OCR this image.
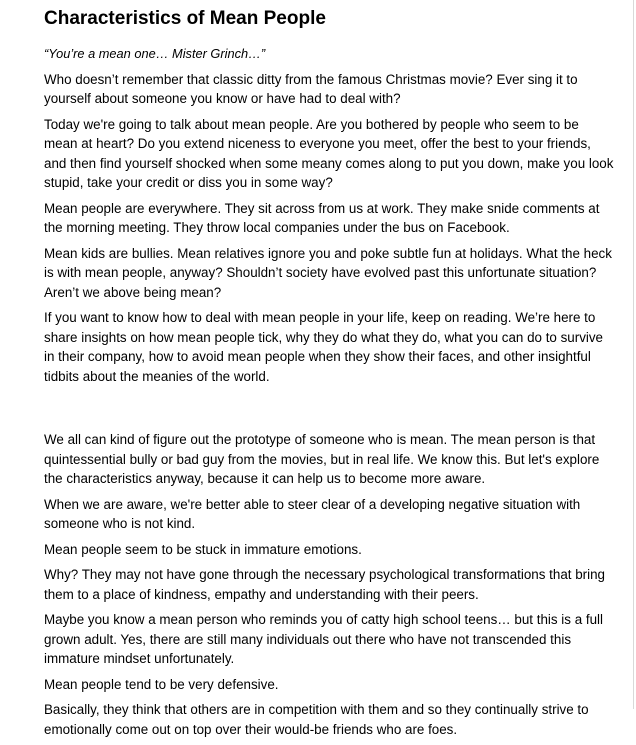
Characteristics of Mean People

“You’re a mean one… Mister Grinch…”

Who doesn’t remember that classic ditty from the famous Christmas movie? Ever sing it to yourself about someone you know or have had to deal with?

Today we're going to talk about mean people. Are you bothered by people who seem to be mean at heart? Do you extend niceness to everyone you meet, offer the best to your friends, and then find yourself shocked when some meany comes along to put you down, make you look stupid, take your credit or diss you in some way?

Mean people are everywhere. They sit across from us at work. They make snide comments at the morning meeting. They throw local companies under the bus on Facebook.

Mean kids are bullies. Mean relatives ignore you and poke subtle fun at holidays. What the heck is with mean people, anyway? Shouldn’t society have evolved past this unfortunate situation? Aren’t we above being mean?

If you want to know how to deal with mean people in your life, keep on reading. We’re here to share insights on how mean people tick, why they do what they do, what you can do to survive in their company, how to avoid mean people when they show their faces, and other insightful tidbits about the meanies of the world.

We all can kind of figure out the prototype of someone who is mean. The mean person is that quintessential bully or bad guy from the movies, but in real life. We know this. But let's explore the characteristics anyway, because it can help us to become more aware.

When we are aware, we're better able to steer clear of a developing negative situation with someone who is not kind.

Mean people seem to be stuck in immature emotions.

Why? They may not have gone through the necessary psychological transformations that bring them to a place of kindness, empathy and understanding with their peers.

Maybe you know a mean person who reminds you of catty high school teens… but this is a full grown adult. Yes, there are still many individuals out there who have not transcended this immature mindset unfortunately.

Mean people tend to be very defensive.

Basically, they think that others are in competition with them and so they continually strive to emotionally come out on top over their would-be friends who are foes.
